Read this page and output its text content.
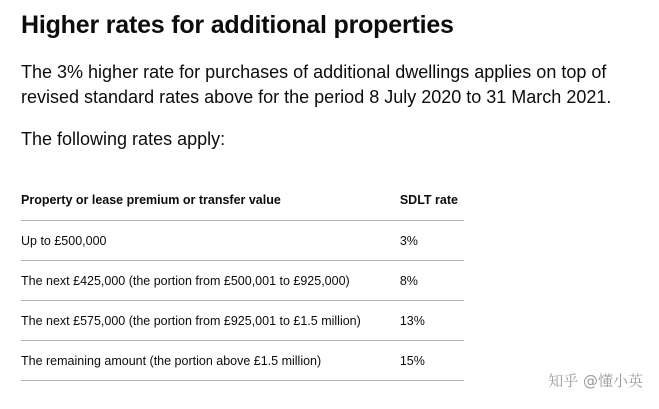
Higher rates for additional properties

The 3% higher rate for purchases of additional dwellings applies on top of revised standard rates above for the period 8 July 2020 to 31 March 2021.

The following rates apply:

Property or lease premium or transfer value	SDLT rate
Up to £500,000	3%
The next £425,000 (the portion from £500,001 to £925,000)	8%
The next £575,000 (the portion from £925,001 to £1.5 million)	13%
The remaining amount (the portion above £1.5 million)	15%
知乎 @懂小英
